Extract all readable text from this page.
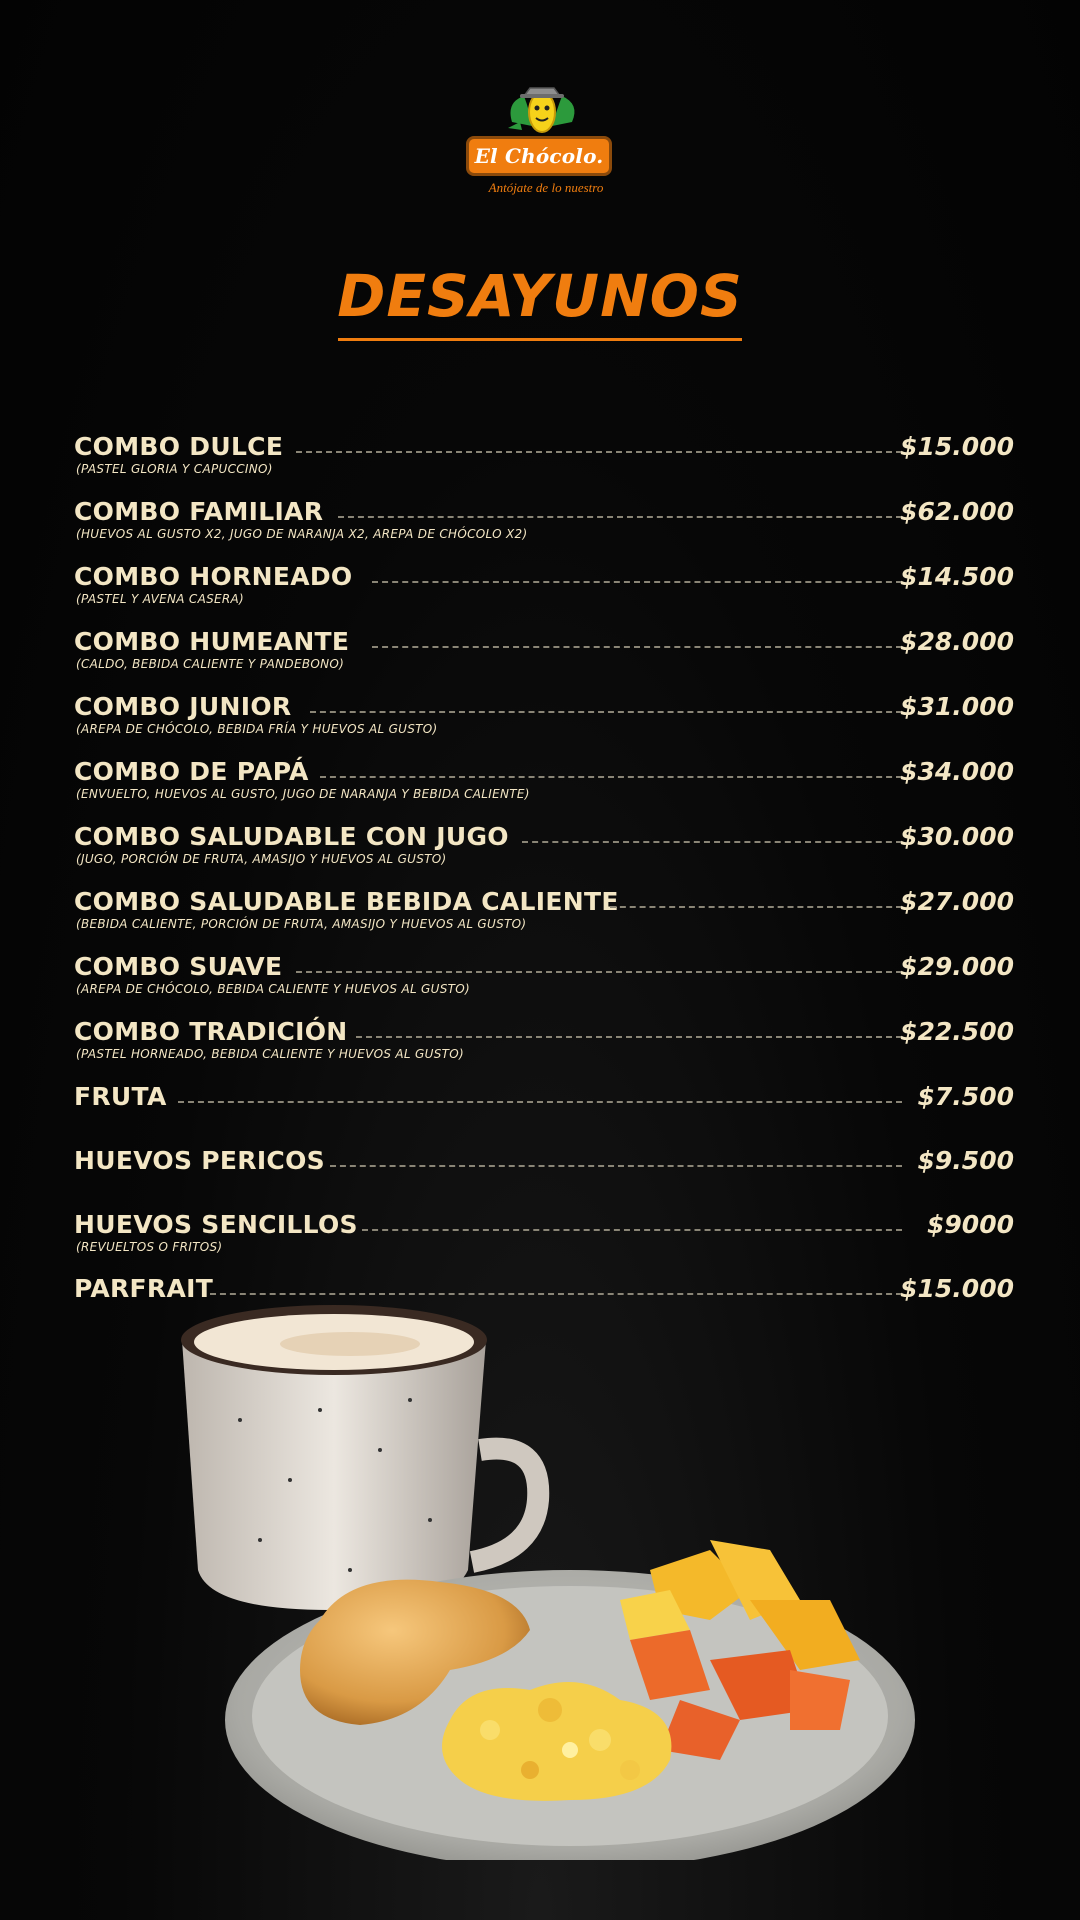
El Chócolo.
Antójate de lo nuestro
DESAYUNOS
COMBO DULCE
(PASTEL GLORIA Y CAPUCCINO)
$15.000
COMBO FAMILIAR
(HUEVOS AL GUSTO X2, JUGO DE NARANJA X2, AREPA DE CHÓCOLO X2)
$62.000
COMBO HORNEADO
(PASTEL Y AVENA CASERA)
$14.500
COMBO HUMEANTE
(CALDO, BEBIDA CALIENTE Y PANDEBONO)
$28.000
COMBO JUNIOR
(AREPA DE CHÓCOLO, BEBIDA FRÍA Y HUEVOS AL GUSTO)
$31.000
COMBO DE PAPÁ
(ENVUELTO, HUEVOS AL GUSTO, JUGO DE NARANJA Y BEBIDA CALIENTE)
$34.000
COMBO SALUDABLE CON JUGO
(JUGO, PORCIÓN DE FRUTA, AMASIJO Y HUEVOS AL GUSTO)
$30.000
COMBO SALUDABLE BEBIDA CALIENTE
(BEBIDA CALIENTE, PORCIÓN DE FRUTA, AMASIJO Y HUEVOS AL GUSTO)
$27.000
COMBO SUAVE
(AREPA DE CHÓCOLO, BEBIDA CALIENTE Y HUEVOS AL GUSTO)
$29.000
COMBO TRADICIÓN
(PASTEL HORNEADO, BEBIDA CALIENTE Y HUEVOS AL GUSTO)
$22.500
FRUTA	$7.500
HUEVOS PERICOS	$9.500
HUEVOS SENCILLOS
(REVUELTOS O FRITOS)
$9000
PARFRAIT	$15.000
